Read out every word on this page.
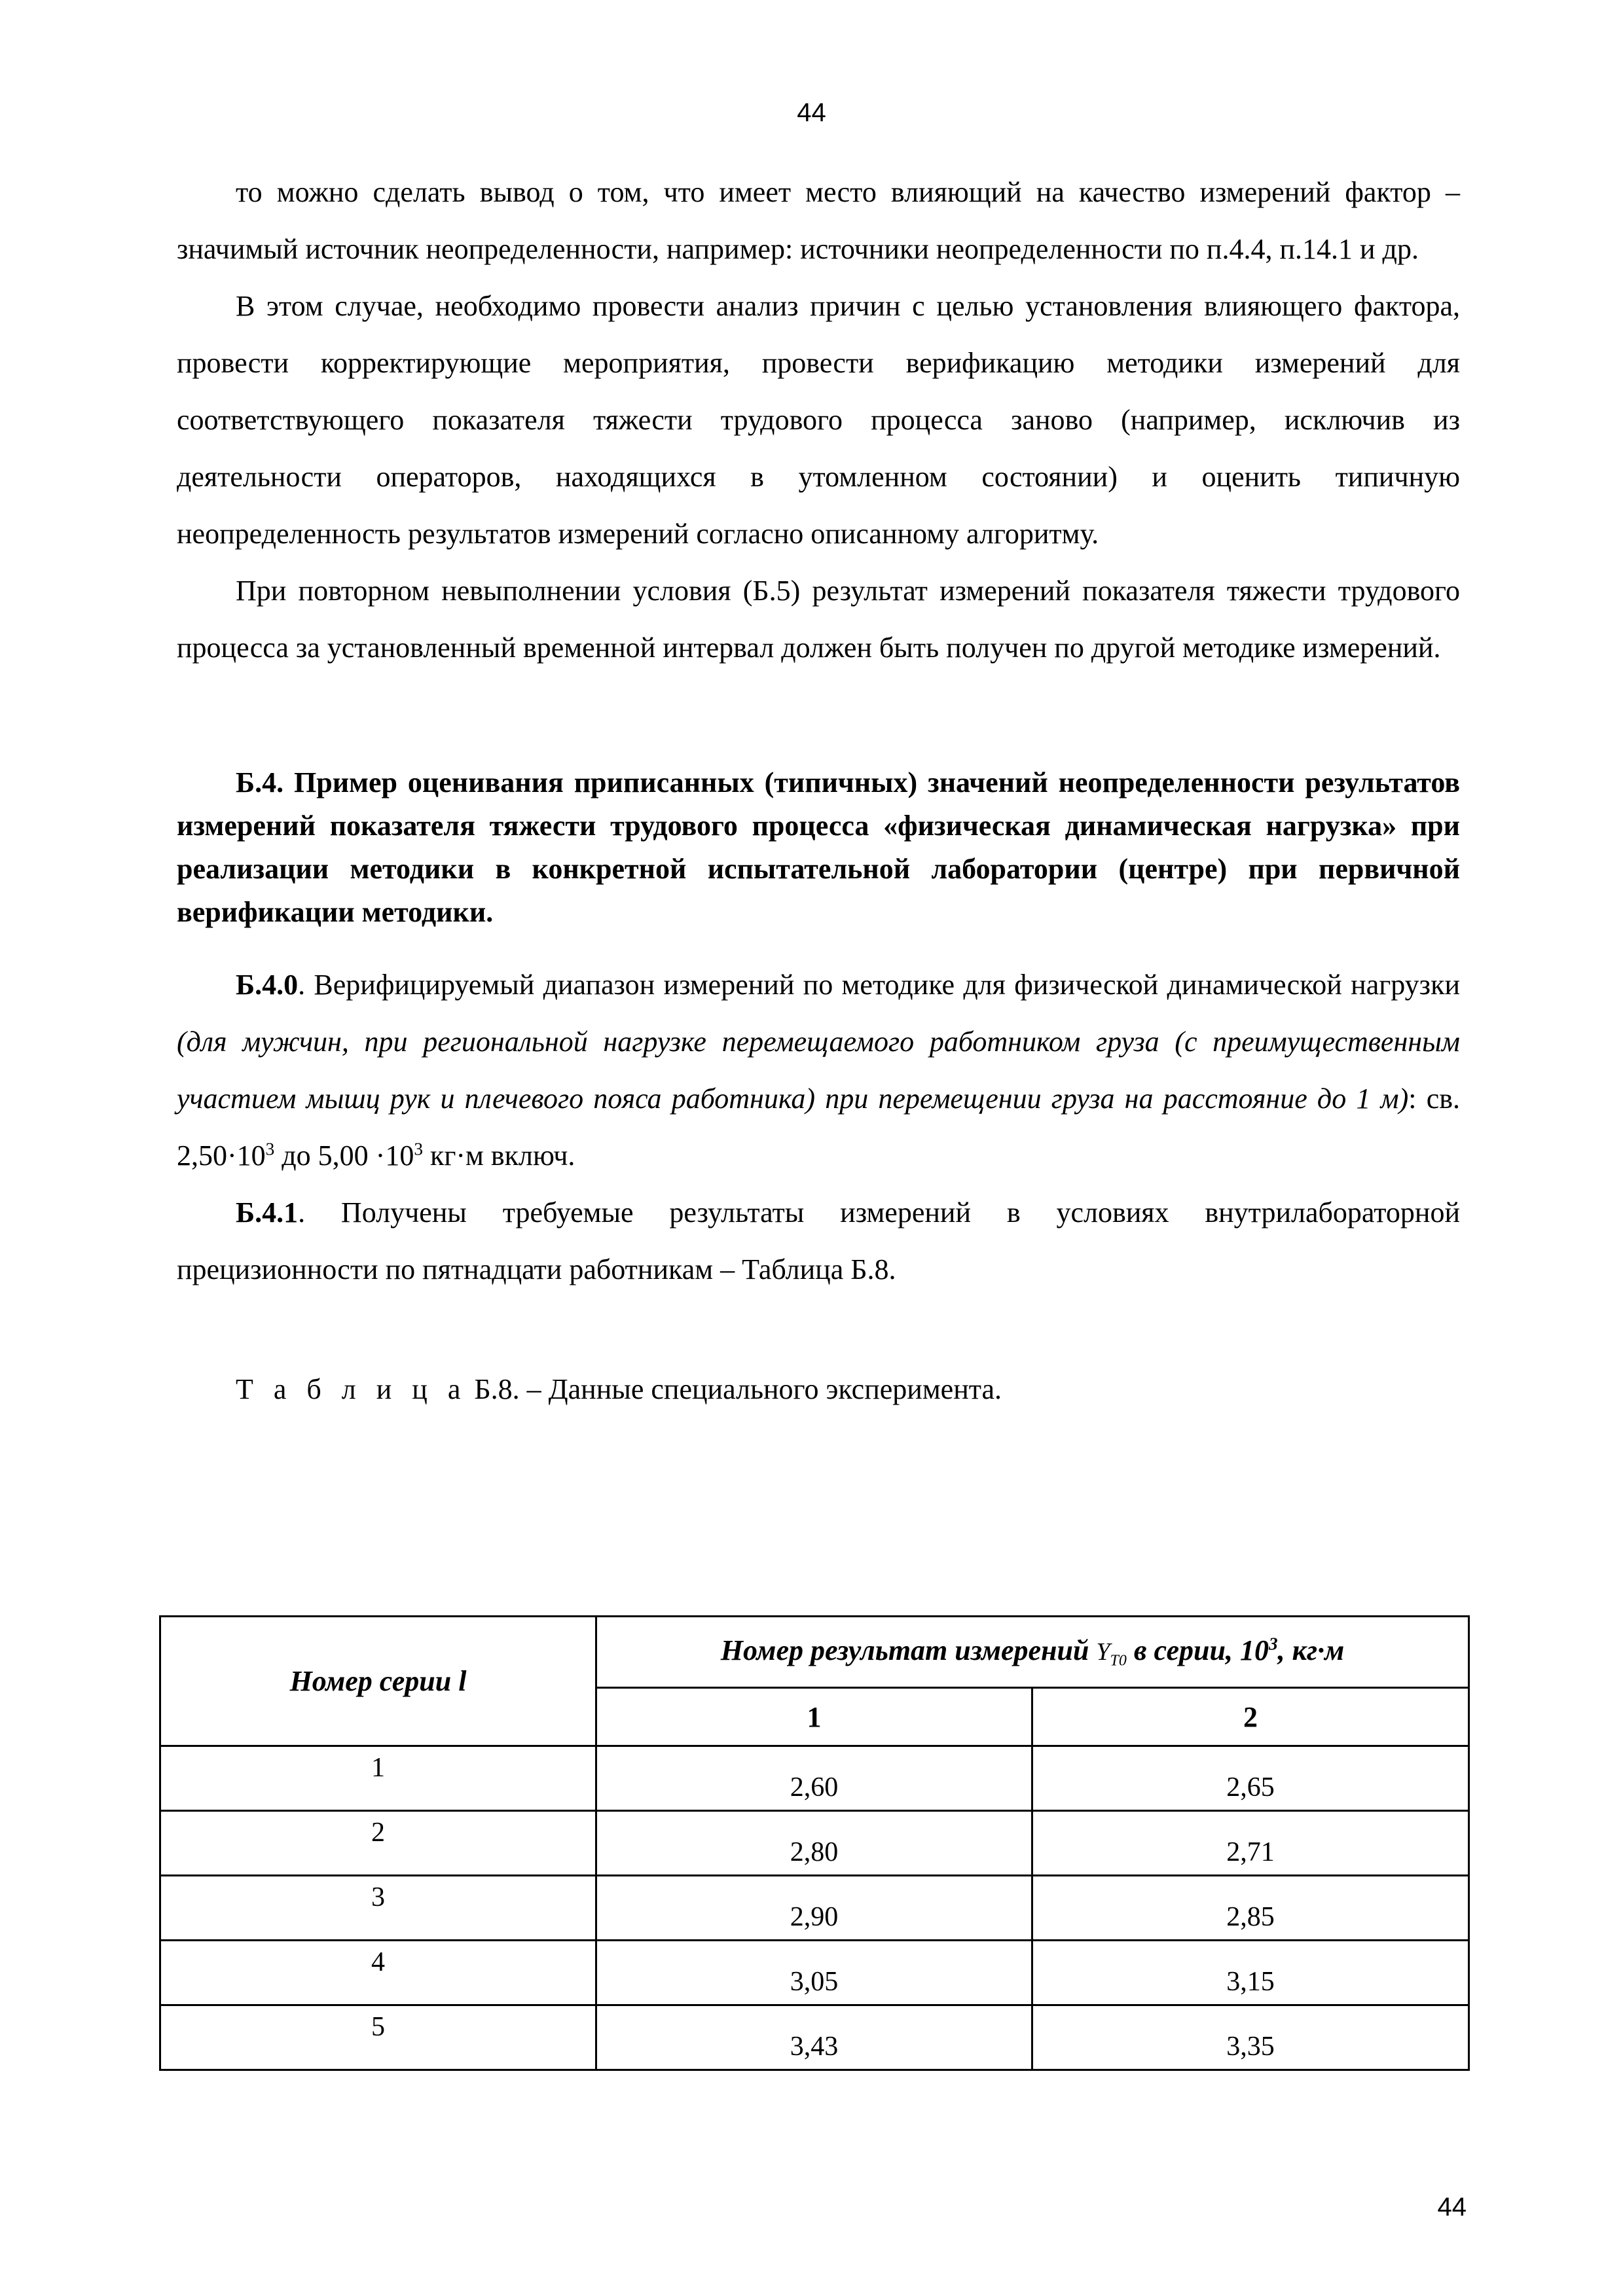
44

то можно сделать вывод о том, что имеет место влияющий на качество измерений фактор – значимый источник неопределенности, например: источники неопределенности по п.4.4, п.14.1 и др.

В этом случае, необходимо провести анализ причин с целью установления влияющего фактора, провести корректирующие мероприятия, провести верификацию методики измерений для соответствующего показателя тяжести трудового процесса заново (например, исключив из деятельности операторов, находящихся в утомленном состоянии) и оценить типичную неопределенность результатов измерений согласно описанному алгоритму.

При повторном невыполнении условия (Б.5) результат измерений показателя тяжести трудового процесса за установленный временной интервал должен быть получен по другой методике измерений.

Б.4. Пример оценивания приписанных (типичных) значений неопределенности результатов измерений показателя тяжести трудового процесса «физическая динамическая нагрузка» при реализации методики в конкретной испытательной лаборатории (центре) при первичной верификации методики.

Б.4.0. Верифицируемый диапазон измерений по методике для физической динамической нагрузки (для мужчин, при региональной нагрузке перемещаемого работником груза (с преимущественным участием мышц рук и плечевого пояса работника) при перемещении груза на расстояние до 1 м): св. $2,50\cdot 10^3$ до $5,00 \cdot 10^3$ кг·м включ.

Б.4.1. Получены требуемые результаты измерений в условиях внутрилабораторной прецизионности по пятнадцати работникам – Таблица Б.8.

Т а б л и ц а Б.8. – Данные специального эксперимента.

Номер серии l	Номер результат измерений $Y_{T0}$ в серии, $10^3$, кг·м	
	1	2
1	2,60	2,65
2	2,80	2,71
3	2,90	2,85
4	3,05	3,15
5	3,43	3,35
44
